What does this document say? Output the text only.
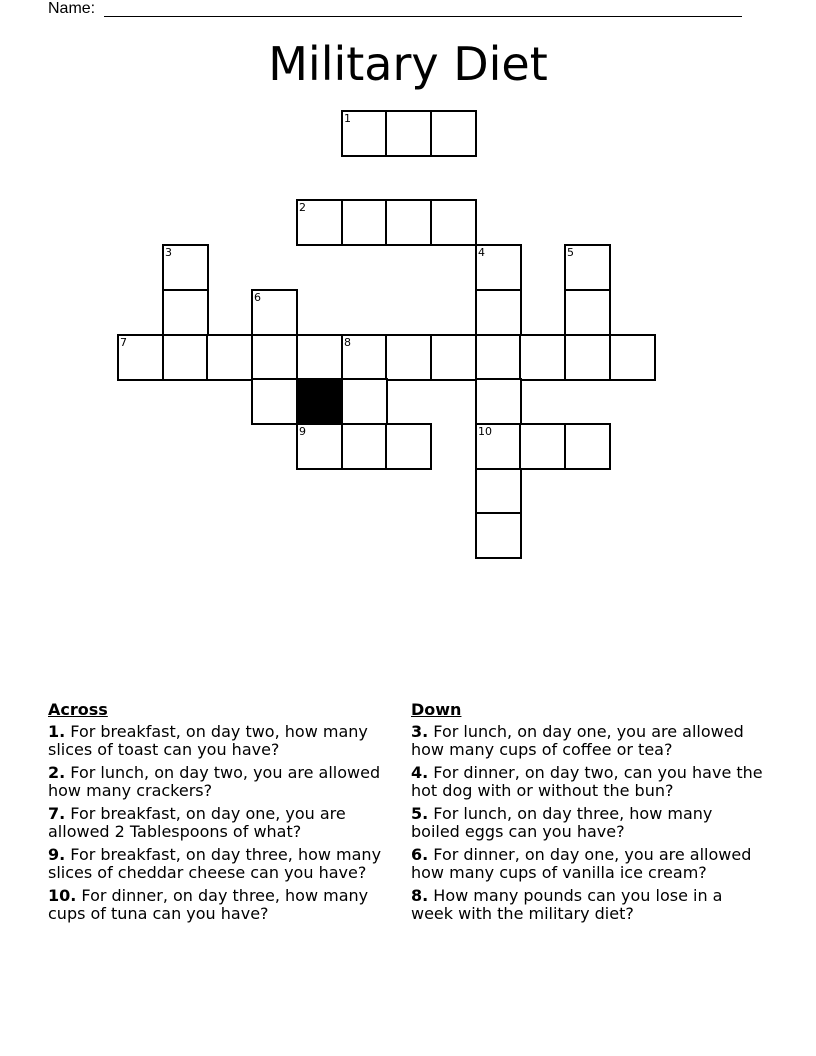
Name:
Military Diet
1
2
3	4	5
6
7	8
9	10
Across
1. For breakfast, on day two, how many slices of toast can you have?
2. For lunch, on day two, you are allowed how many crackers?
7. For breakfast, on day one, you are allowed 2 Tablespoons of what?
9. For breakfast, on day three, how many slices of cheddar cheese can you have?
10. For dinner, on day three, how many cups of tuna can you have?
Down
3. For lunch, on day one, you are allowed how many cups of coffee or tea?
4. For dinner, on day two, can you have the hot dog with or without the bun?
5. For lunch, on day three, how many boiled eggs can you have?
6. For dinner, on day one, you are allowed how many cups of vanilla ice cream?
8. How many pounds can you lose in a week with the military diet?
